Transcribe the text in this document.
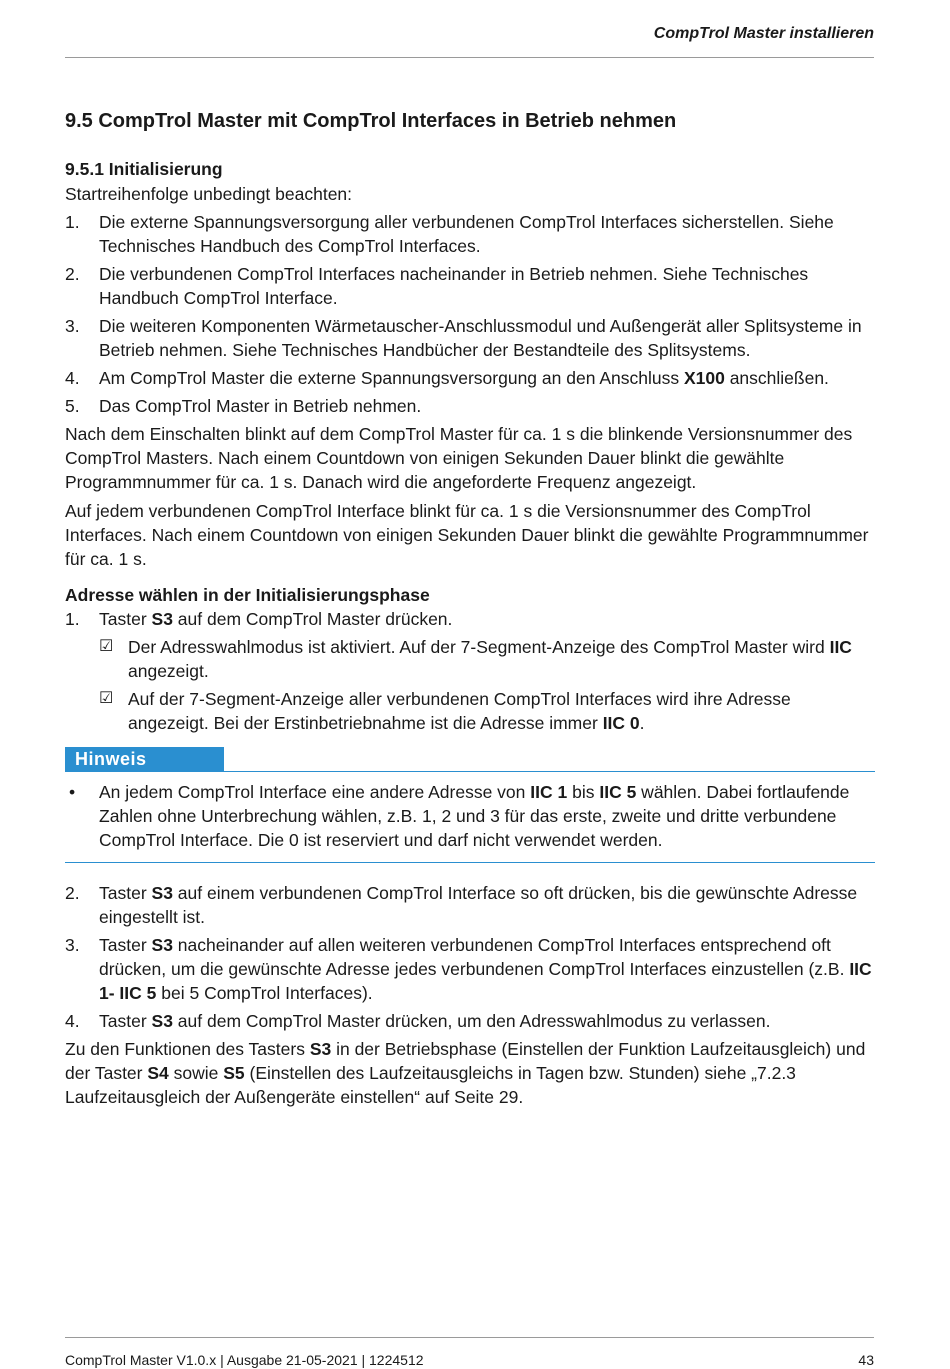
CompTrol Master installieren
9.5 CompTrol Master mit CompTrol Interfaces in Betrieb nehmen
9.5.1 Initialisierung

Startreihenfolge unbedingt beachten:

1. Die externe Spannungsversorgung aller verbundenen CompTrol Interfaces sicherstellen. Siehe Technisches Handbuch des CompTrol Interfaces.
2. Die verbundenen CompTrol Interfaces nacheinander in Betrieb nehmen. Siehe Technisches Handbuch CompTrol Interface.
3. Die weiteren Komponenten Wärmetauscher-Anschlussmodul und Außengerät aller Splitsysteme in Betrieb nehmen. Siehe Technisches Handbücher der Bestandteile des Splitsystems.
4. Am CompTrol Master die externe Spannungsversorgung an den Anschluss X100 anschließen.
5. Das CompTrol Master in Betrieb nehmen.

Nach dem Einschalten blinkt auf dem CompTrol Master für ca. 1 s die blinkende Versionsnummer des CompTrol Masters. Nach einem Countdown von einigen Sekunden Dauer blinkt die gewählte Programmnummer für ca. 1 s. Danach wird die angeforderte Frequenz angezeigt.

Auf jedem verbundenen CompTrol Interface blinkt für ca. 1 s die Versionsnummer des CompTrol Interfaces. Nach einem Countdown von einigen Sekunden Dauer blinkt die gewählte Programmnummer für ca. 1 s.

Adresse wählen in der Initialisierungsphase

1. Taster S3 auf dem CompTrol Master drücken.
☑ Der Adresswahlmodus ist aktiviert. Auf der 7-Segment-Anzeige des CompTrol Master wird IIC angezeigt.
☑ Auf der 7-Segment-Anzeige aller verbundenen CompTrol Interfaces wird ihre Adresse angezeigt. Bei der Erstinbetriebnahme ist die Adresse immer IIC 0.
Hinweis
• An jedem CompTrol Interface eine andere Adresse von IIC 1 bis IIC 5 wählen. Dabei fortlaufende Zahlen ohne Unterbrechung wählen, z.B. 1, 2 und 3 für das erste, zweite und dritte verbundene CompTrol Interface. Die 0 ist reserviert und darf nicht verwendet werden.
2. Taster S3 auf einem verbundenen CompTrol Interface so oft drücken, bis die gewünschte Adresse eingestellt ist.
3. Taster S3 nacheinander auf allen weiteren verbundenen CompTrol Interfaces entsprechend oft drücken, um die gewünschte Adresse jedes verbundenen CompTrol Interfaces einzustellen (z.B. IIC 1- IIC 5 bei 5 CompTrol Interfaces).
4. Taster S3 auf dem CompTrol Master drücken, um den Adresswahlmodus zu verlassen.

Zu den Funktionen des Tasters S3 in der Betriebsphase (Einstellen der Funktion Laufzeitausgleich) und der Taster S4 sowie S5 (Einstellen des Laufzeitausgleichs in Tagen bzw. Stunden) siehe „7.2.3 Laufzeitausgleich der Außengeräte einstellen“ auf Seite 29.

CompTrol Master V1.0.x | Ausgabe 21-05-2021 | 1224512	43
